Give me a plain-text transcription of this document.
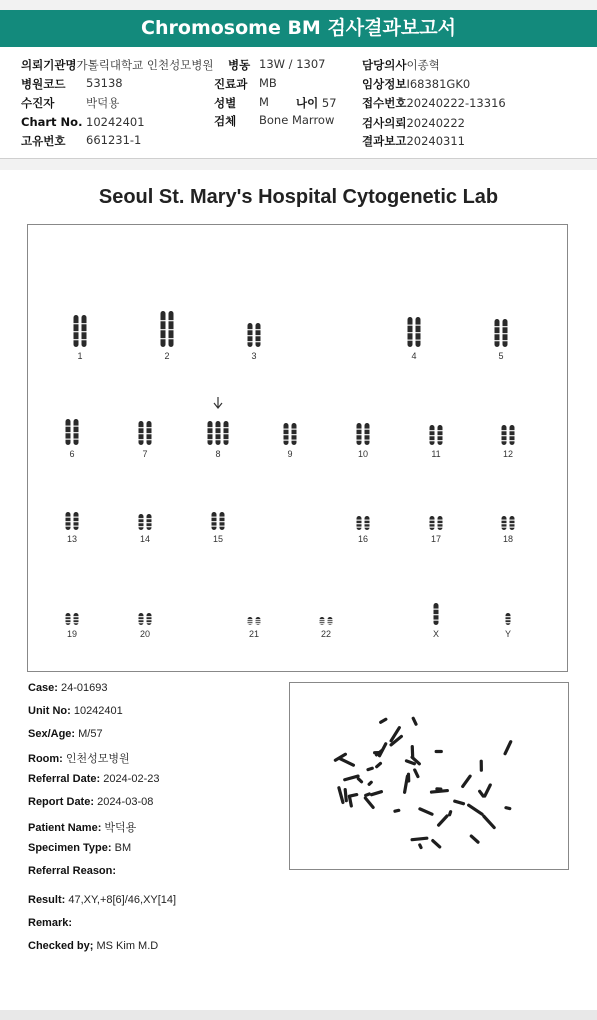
Chromosome BM 검사결과보고서
의뢰기관명가톨릭대학교 인천성모병원 병동 13W / 1307	담당의사이종혁
병원코드 53138	진료과 MB	임상정보I68381GK0
수진자	박덕용	성별 M 나이 57 접수번호20240222-13316
Chart No. 10242401	검체 Bone Marrow 검사의뢰20240222
고유번호 661231-1	결과보고20240311
Seoul St. Mary's Hospital Cytogenetic Lab
1	2	3	4	5
6	7	8	9	10	11	12
13	14	15	16	17	18
19	20	21	22	X	Y
Case: 24-01693
Unit No: 10242401
Sex/Age: M/57
Room: 인천성모병원
Referral Date: 2024-02-23
Report Date: 2024-03-08
Patient Name: 박덕용
Specimen Type: BM
Referral Reason:
Result: 47,XY,+8[6]/46,XY[14]
Remark:
Checked by; MS Kim M.D
